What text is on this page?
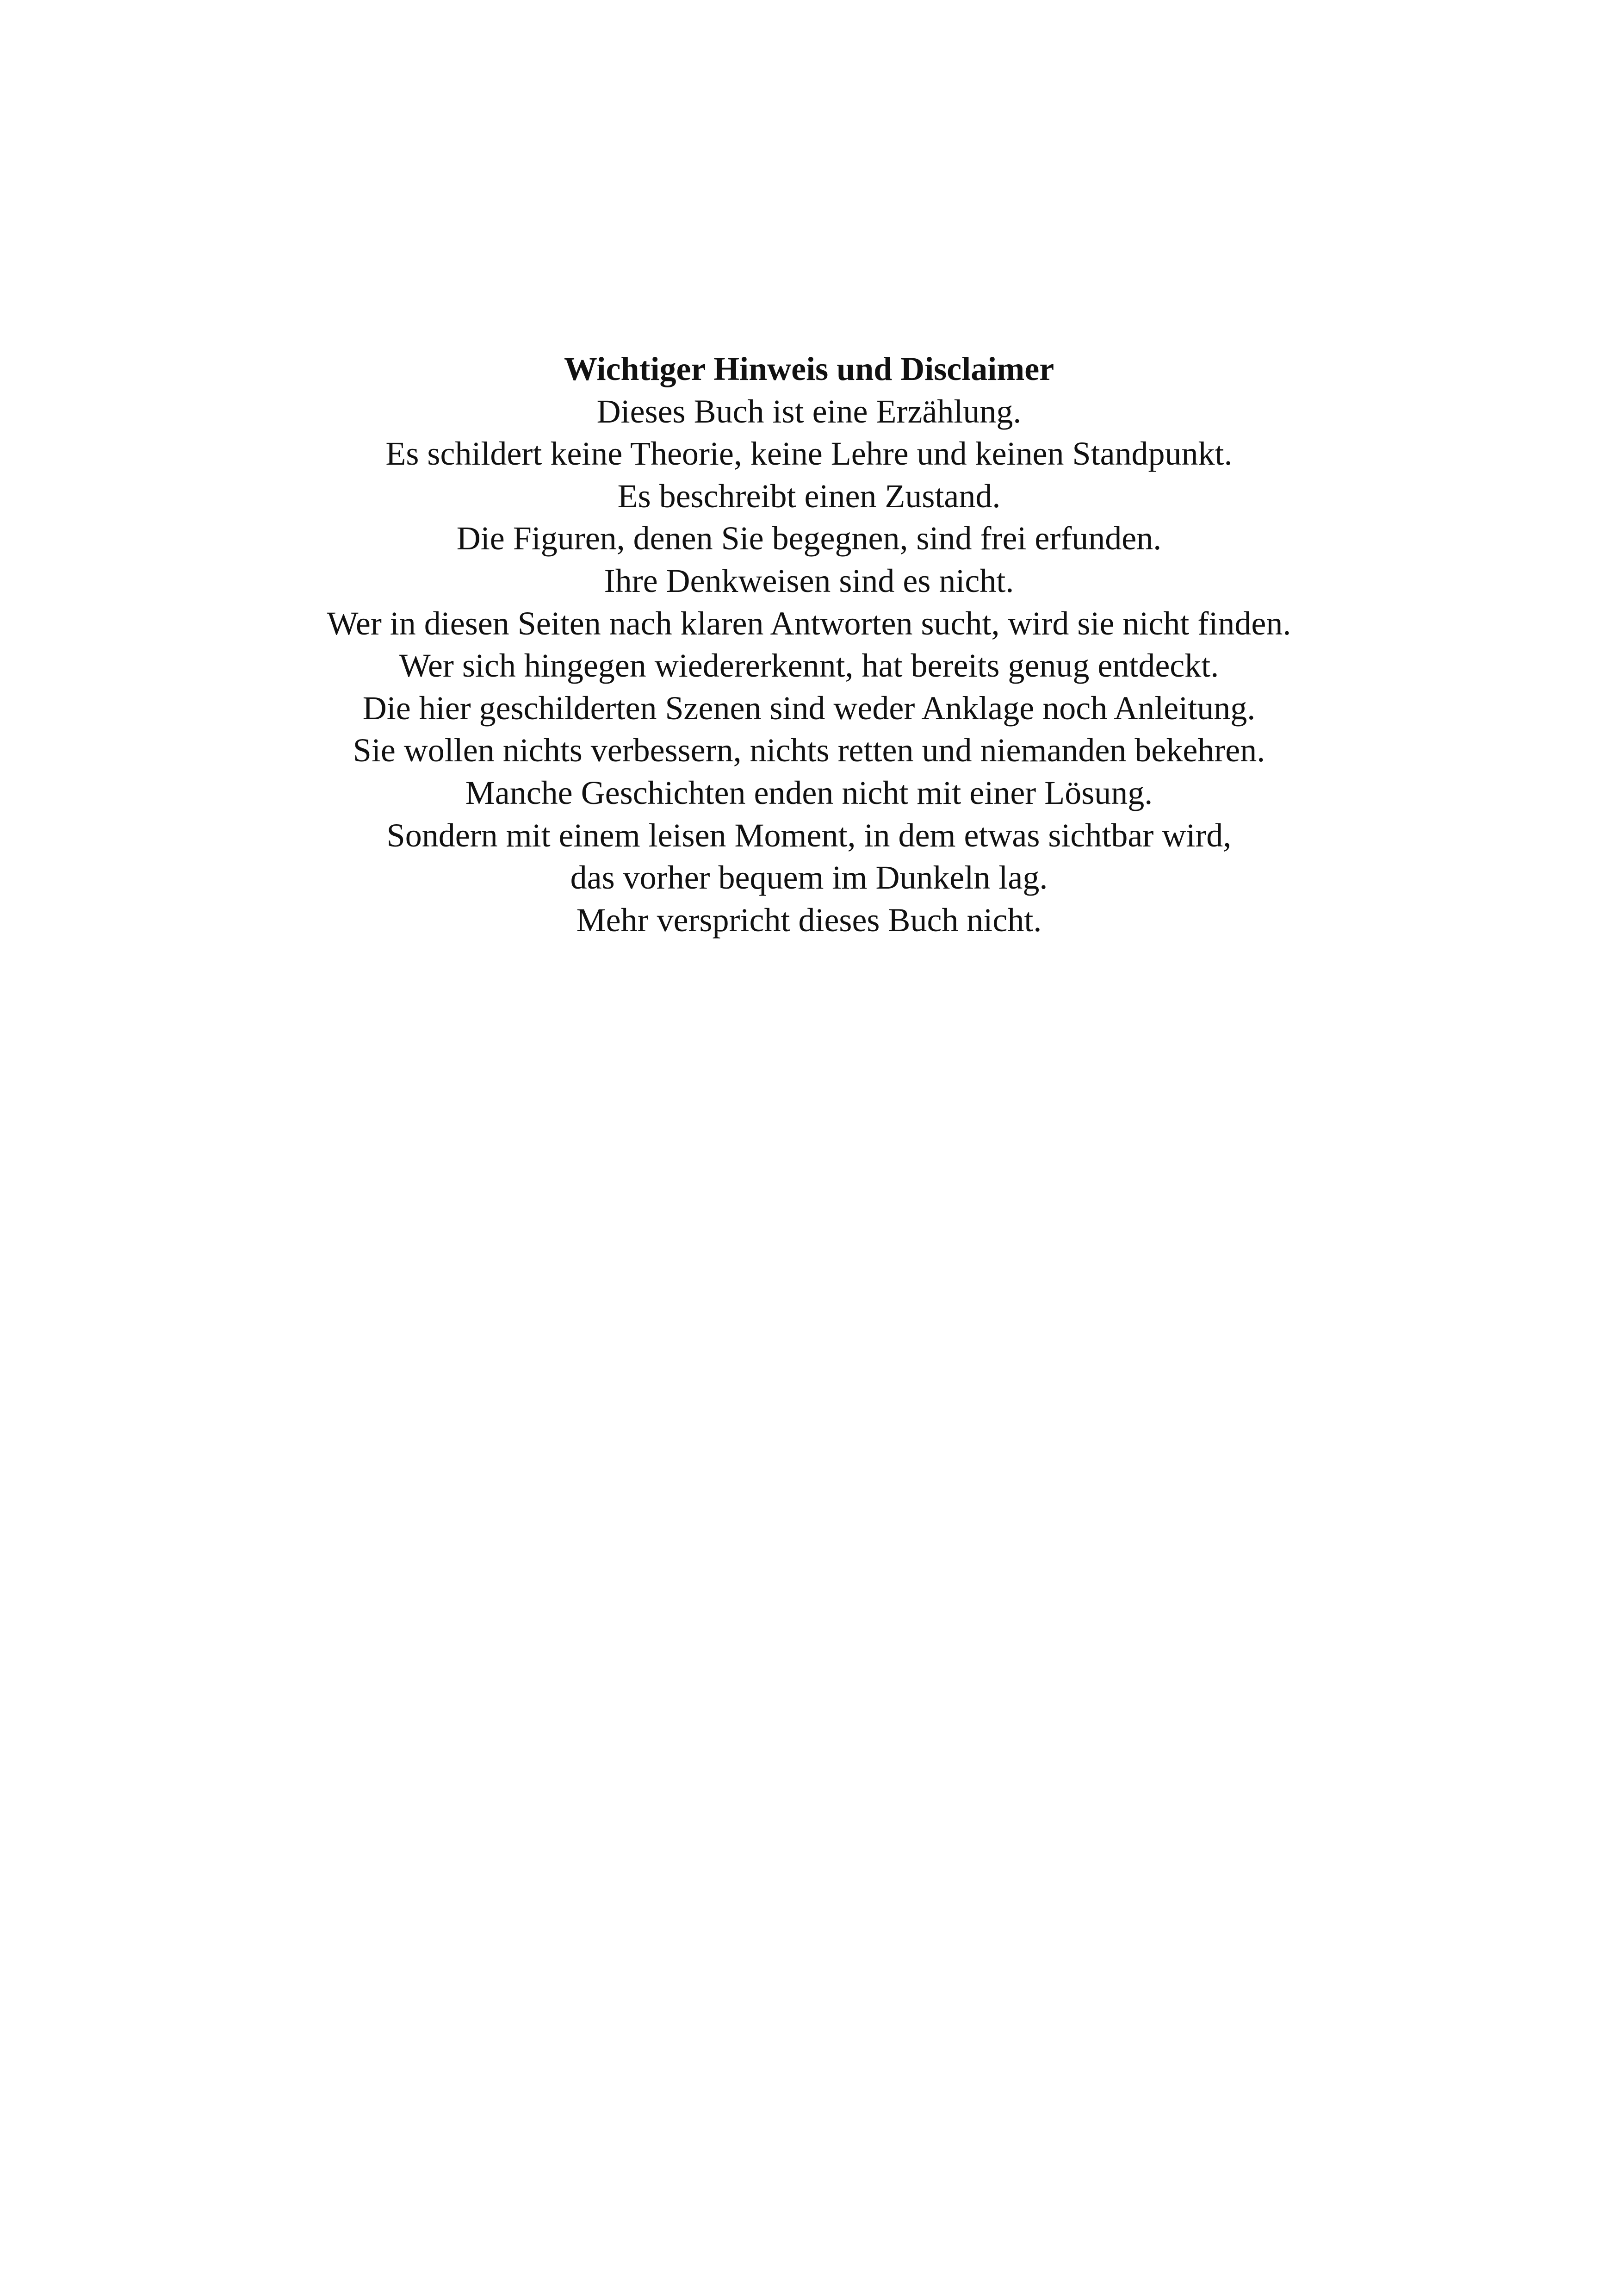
Wichtiger Hinweis und Disclaimer
Dieses Buch ist eine Erzählung.
Es schildert keine Theorie, keine Lehre und keinen Standpunkt.
Es beschreibt einen Zustand.
Die Figuren, denen Sie begegnen, sind frei erfunden.
Ihre Denkweisen sind es nicht.
Wer in diesen Seiten nach klaren Antworten sucht, wird sie nicht finden.
Wer sich hingegen wiedererkennt, hat bereits genug entdeckt.
Die hier geschilderten Szenen sind weder Anklage noch Anleitung.
Sie wollen nichts verbessern, nichts retten und niemanden bekehren.
Manche Geschichten enden nicht mit einer Lösung.
Sondern mit einem leisen Moment, in dem etwas sichtbar wird,
das vorher bequem im Dunkeln lag.
Mehr verspricht dieses Buch nicht.
